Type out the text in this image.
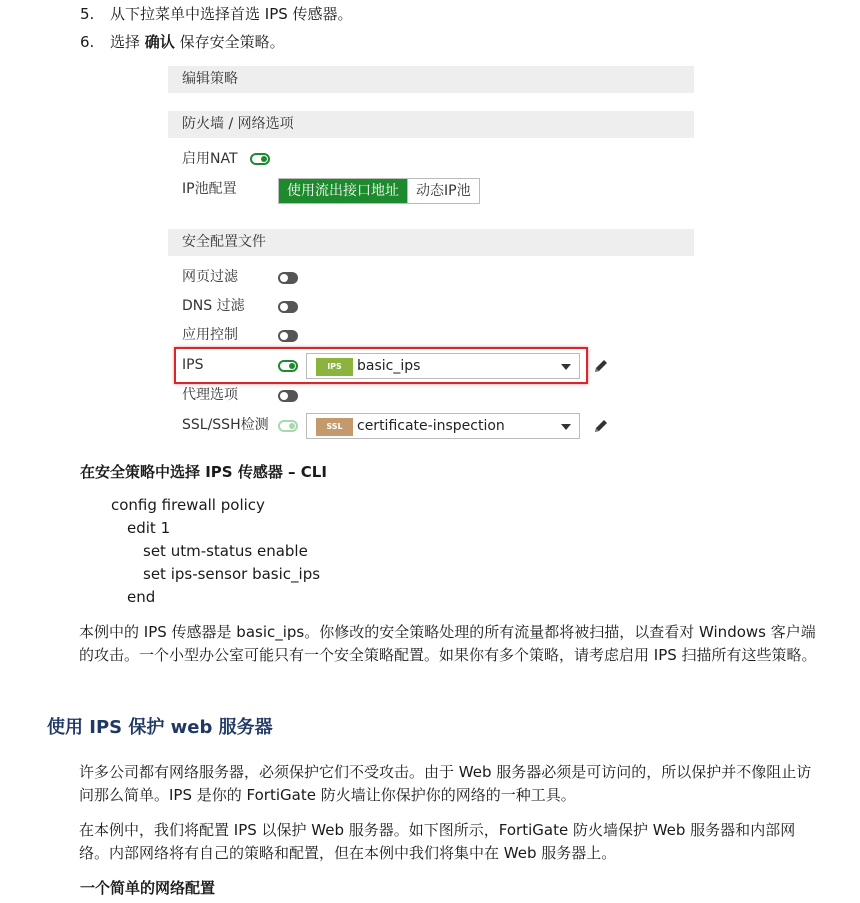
5. 从下拉菜单中选择首选 IPS 传感器。
6. 选择 确认 保存安全策略。
编辑策略
防火墙 / 网络选项
启用NAT
IP池配置	使用流出接口地址	动态IP池
安全配置文件
网页过滤
DNS 过滤
应用控制
IPS	IPS	basic_ips
代理选项
SSL/SSH检测	SSL	certificate-inspection
在安全策略中选择 IPS 传感器 – CLI
config firewall policy
edit 1
set utm-status enable
set ips-sensor basic_ips
end
本例中的 IPS 传感器是 basic_ips。你修改的安全策略处理的所有流量都将被扫描，以查看对 Windows 客户端的攻击。一个小型办公室可能只有一个安全策略配置。如果你有多个策略，请考虑启用 IPS 扫描所有这些策略。
使用 IPS 保护 web 服务器
许多公司都有网络服务器，必须保护它们不受攻击。由于 Web 服务器必须是可访问的，所以保护并不像阻止访问那么简单。IPS 是你的 FortiGate 防火墙让你保护你的网络的一种工具。
在本例中，我们将配置 IPS 以保护 Web 服务器。如下图所示，FortiGate 防火墙保护 Web 服务器和内部网络。内部网络将有自己的策略和配置，但在本例中我们将集中在 Web 服务器上。
一个简单的网络配置
